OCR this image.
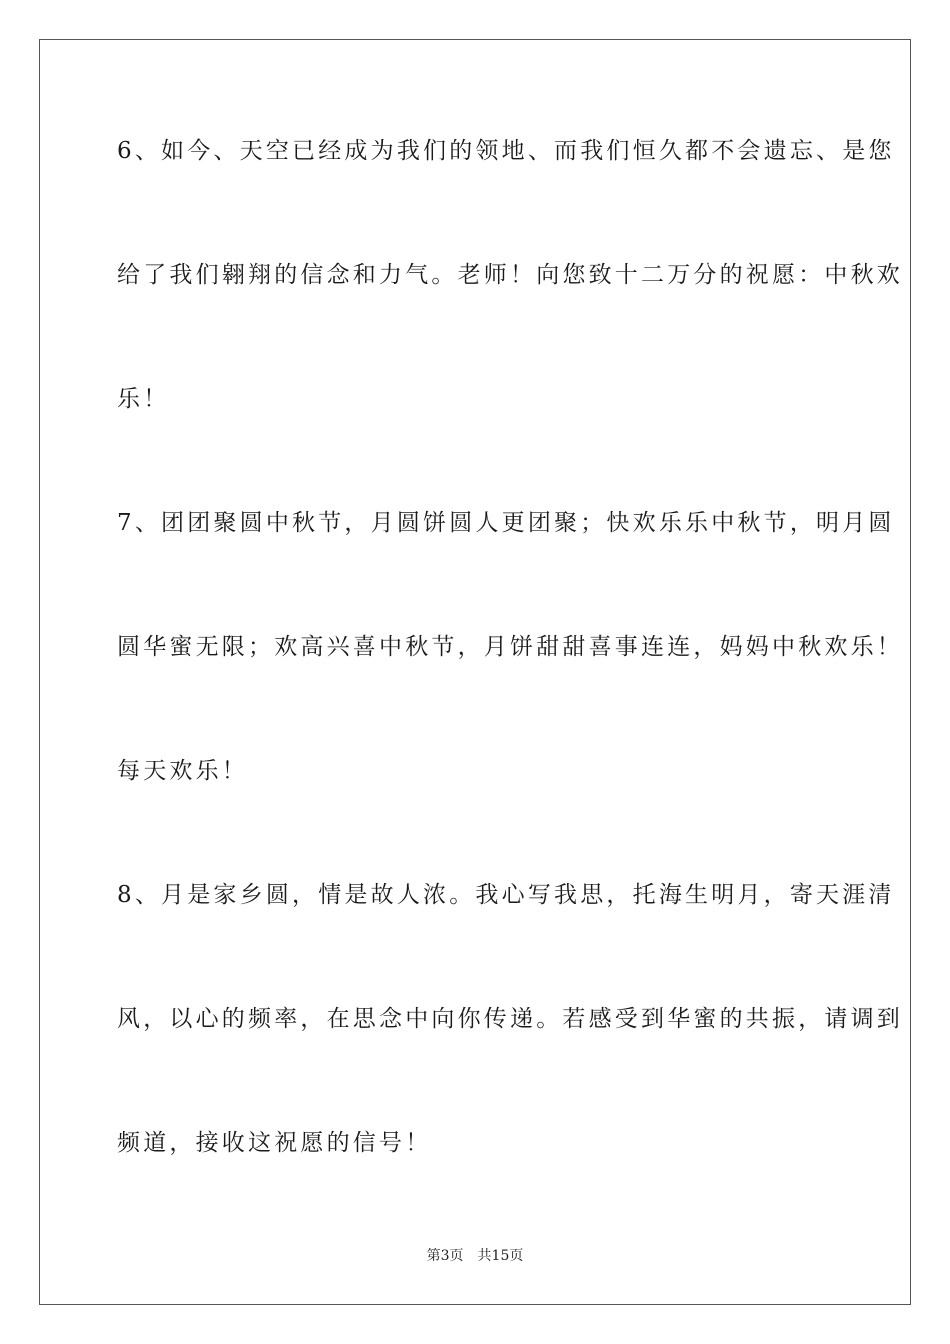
6、如今、天空已经成为我们的领地、而我们恒久都不会遗忘、是您
给了我们翱翔的信念和力气。老师！向您致十二万分的祝愿：中秋欢
乐！
7、团团聚圆中秋节，月圆饼圆人更团聚；快欢乐乐中秋节，明月圆
圆华蜜无限；欢高兴喜中秋节，月饼甜甜喜事连连，妈妈中秋欢乐！
每天欢乐！
8、月是家乡圆，情是故人浓。我心写我思，托海生明月，寄天涯清
风，以心的频率，在思念中向你传递。若感受到华蜜的共振，请调到
频道，接收这祝愿的信号！
第3页 共15页
